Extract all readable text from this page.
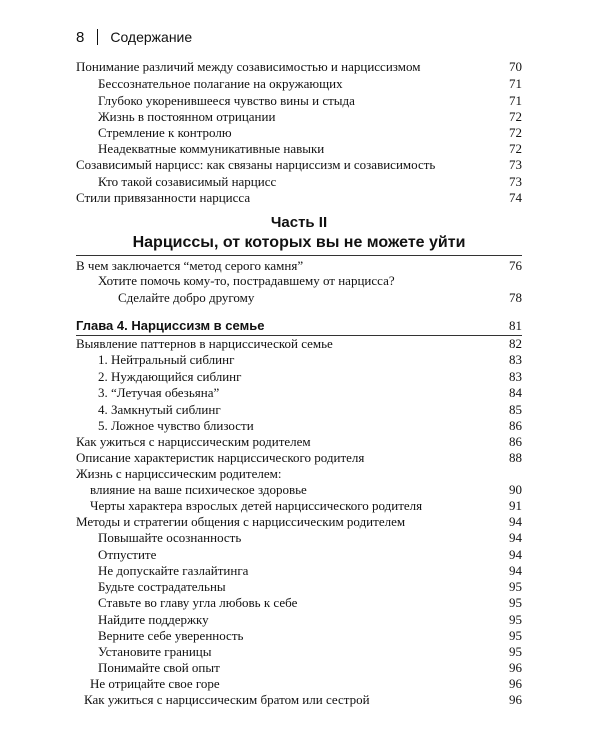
8 Содержание
Понимание различий между созависимостью и нарциссизмом	70
Бессознательное полагание на окружающих	71
Глубоко укоренившееся чувство вины и стыда	71
Жизнь в постоянном отрицании	72
Стремление к контролю	72
Неадекватные коммуникативные навыки	72
Созависимый нарцисс: как связаны нарциссизм и созависимость	73
Кто такой созависимый нарцисс	73
Стили привязанности нарцисса	74
Часть II
Нарциссы, от которых вы не можете уйти
В чем заключается “метод серого камня”	76
Хотите помочь кому-то, пострадавшему от нарцисса?
Сделайте добро другому	78
Глава 4. Нарциссизм в семье	81
Выявление паттернов в нарциссической семье	82
1. Нейтральный сиблинг	83
2. Нуждающийся сиблинг	83
3. “Летучая обезьяна”	84
4. Замкнутый сиблинг	85
5. Ложное чувство близости	86
Как ужиться с нарциссическим родителем	86
Описание характеристик нарциссического родителя	88
Жизнь с нарциссическим родителем:
влияние на ваше психическое здоровье	90
Черты характера взрослых детей нарциссического родителя	91
Методы и стратегии общения с нарциссическим родителем	94
Повышайте осознанность	94
Отпустите	94
Не допускайте газлайтинга	94
Будьте сострадательны	95
Ставьте во главу угла любовь к себе	95
Найдите поддержку	95
Верните себе уверенность	95
Установите границы	95
Понимайте свой опыт	96
Не отрицайте свое горе	96
Как ужиться с нарциссическим братом или сестрой	96
